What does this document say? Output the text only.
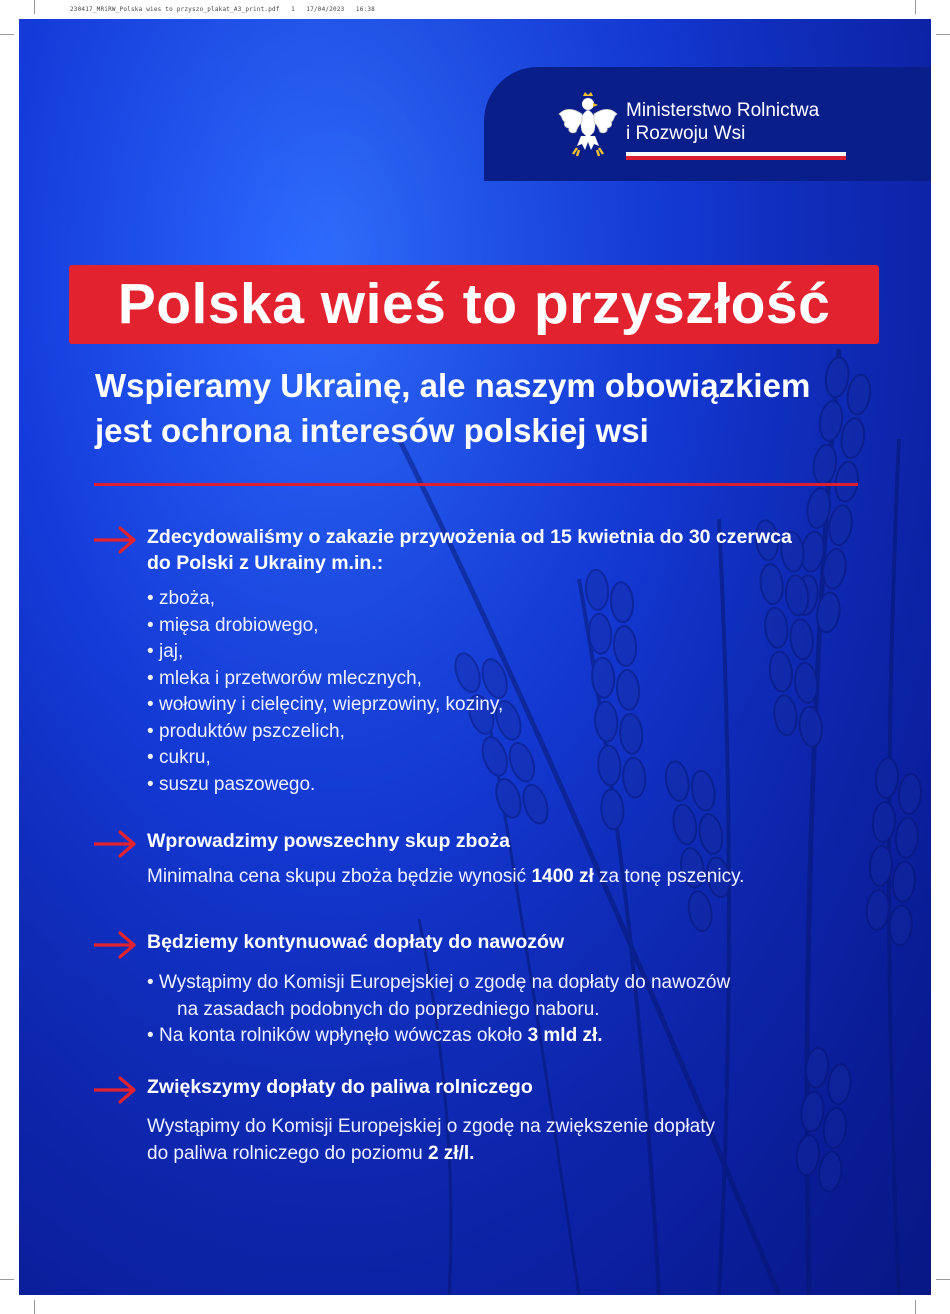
230417_MRiRW_Polska wies to przyszo_plakat_A3_print.pdf   1   17/04/2023   16:38
Ministerstwo Rolnictwa
i Rozwoju Wsi
Polska wieś to przyszłość
Wspieramy Ukrainę, ale naszym obowiązkiem
jest ochrona interesów polskiej wsi
Zdecydowaliśmy o zakazie przywożenia od 15 kwietnia do 30 czerwca
do Polski z Ukrainy m.in.:
• zboża,
• mięsa drobiowego,
• jaj,
• mleka i przetworów mlecznych,
• wołowiny i cielęciny, wieprzowiny, koziny,
• produktów pszczelich,
• cukru,
• suszu paszowego.
Wprowadzimy powszechny skup zboża
Minimalna cena skupu zboża będzie wynosić 1400 zł za tonę pszenicy.
Będziemy kontynuować dopłaty do nawozów
• Wystąpimy do Komisji Europejskiej o zgodę na dopłaty do nawozów
na zasadach podobnych do poprzedniego naboru.
• Na konta rolników wpłynęło wówczas około 3 mld zł.
Zwiększymy dopłaty do paliwa rolniczego
Wystąpimy do Komisji Europejskiej o zgodę na zwiększenie dopłaty
do paliwa rolniczego do poziomu 2 zł/l.
